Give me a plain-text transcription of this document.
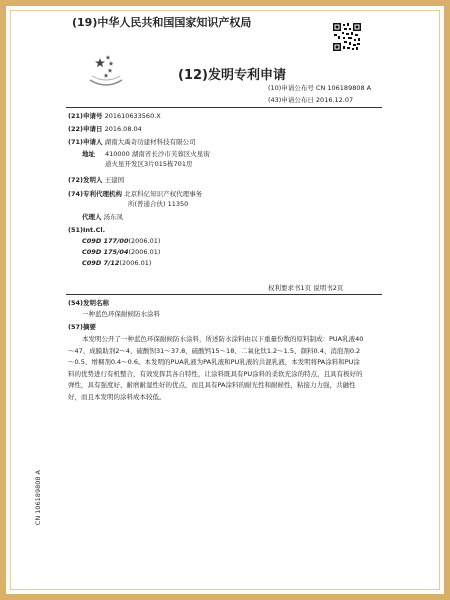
(19)中华人民共和国国家知识产权局
(12)发明专利申请
(10)申请公布号 CN 106189808 A
(43)申请公布日 2016.12.07
(21)申请号 201610633560.X
(22)申请日 2016.08.04
(71)申请人 湖南大禹奇功建材科技有限公司
地址 410000 湖南省长沙市芙蓉区火星街
道火星开发区3片015栋701房
(72)发明人 王建国
(74)专利代理机构 北京科亿知识产权代理事务
所(普通合伙) 11350
代理人 汤东凤
(51)Int.Cl.
C09D 177/00(2006.01)
C09D 175/04(2006.01)
C09D 7/12(2006.01)
权利要求书1页 说明书2页
(54)发明名称
一种蓝色环保耐候防水涂料
(57)摘要

本发明公开了一种蓝色环保耐候防水涂料，所述防水涂料由以下重量份数的原料制成：PUA乳液40～47、成膜助剂2～4、硫酸钡31～37.8、硫酸钙15～18、二氧化钛1.2～1.5、颜料0.4、消泡剂0.2～0.5、增稠剂0.4～0.6。本发明的PUA乳液为PA乳液和PU乳液的共混乳液，本发明将PA涂料和PU涂料的优势进行有机整合，有效发挥其各自特性，让涂料既具有PU涂料的柔软充涂的特点，且具有极好的弹性，具有强度好、耐磨耐湿性好的优点，而且具有PA涂料的耐光性和耐候性，粘接力力强，共融性好，而且本发明的涂料成本较低。

CN 106189808 A
